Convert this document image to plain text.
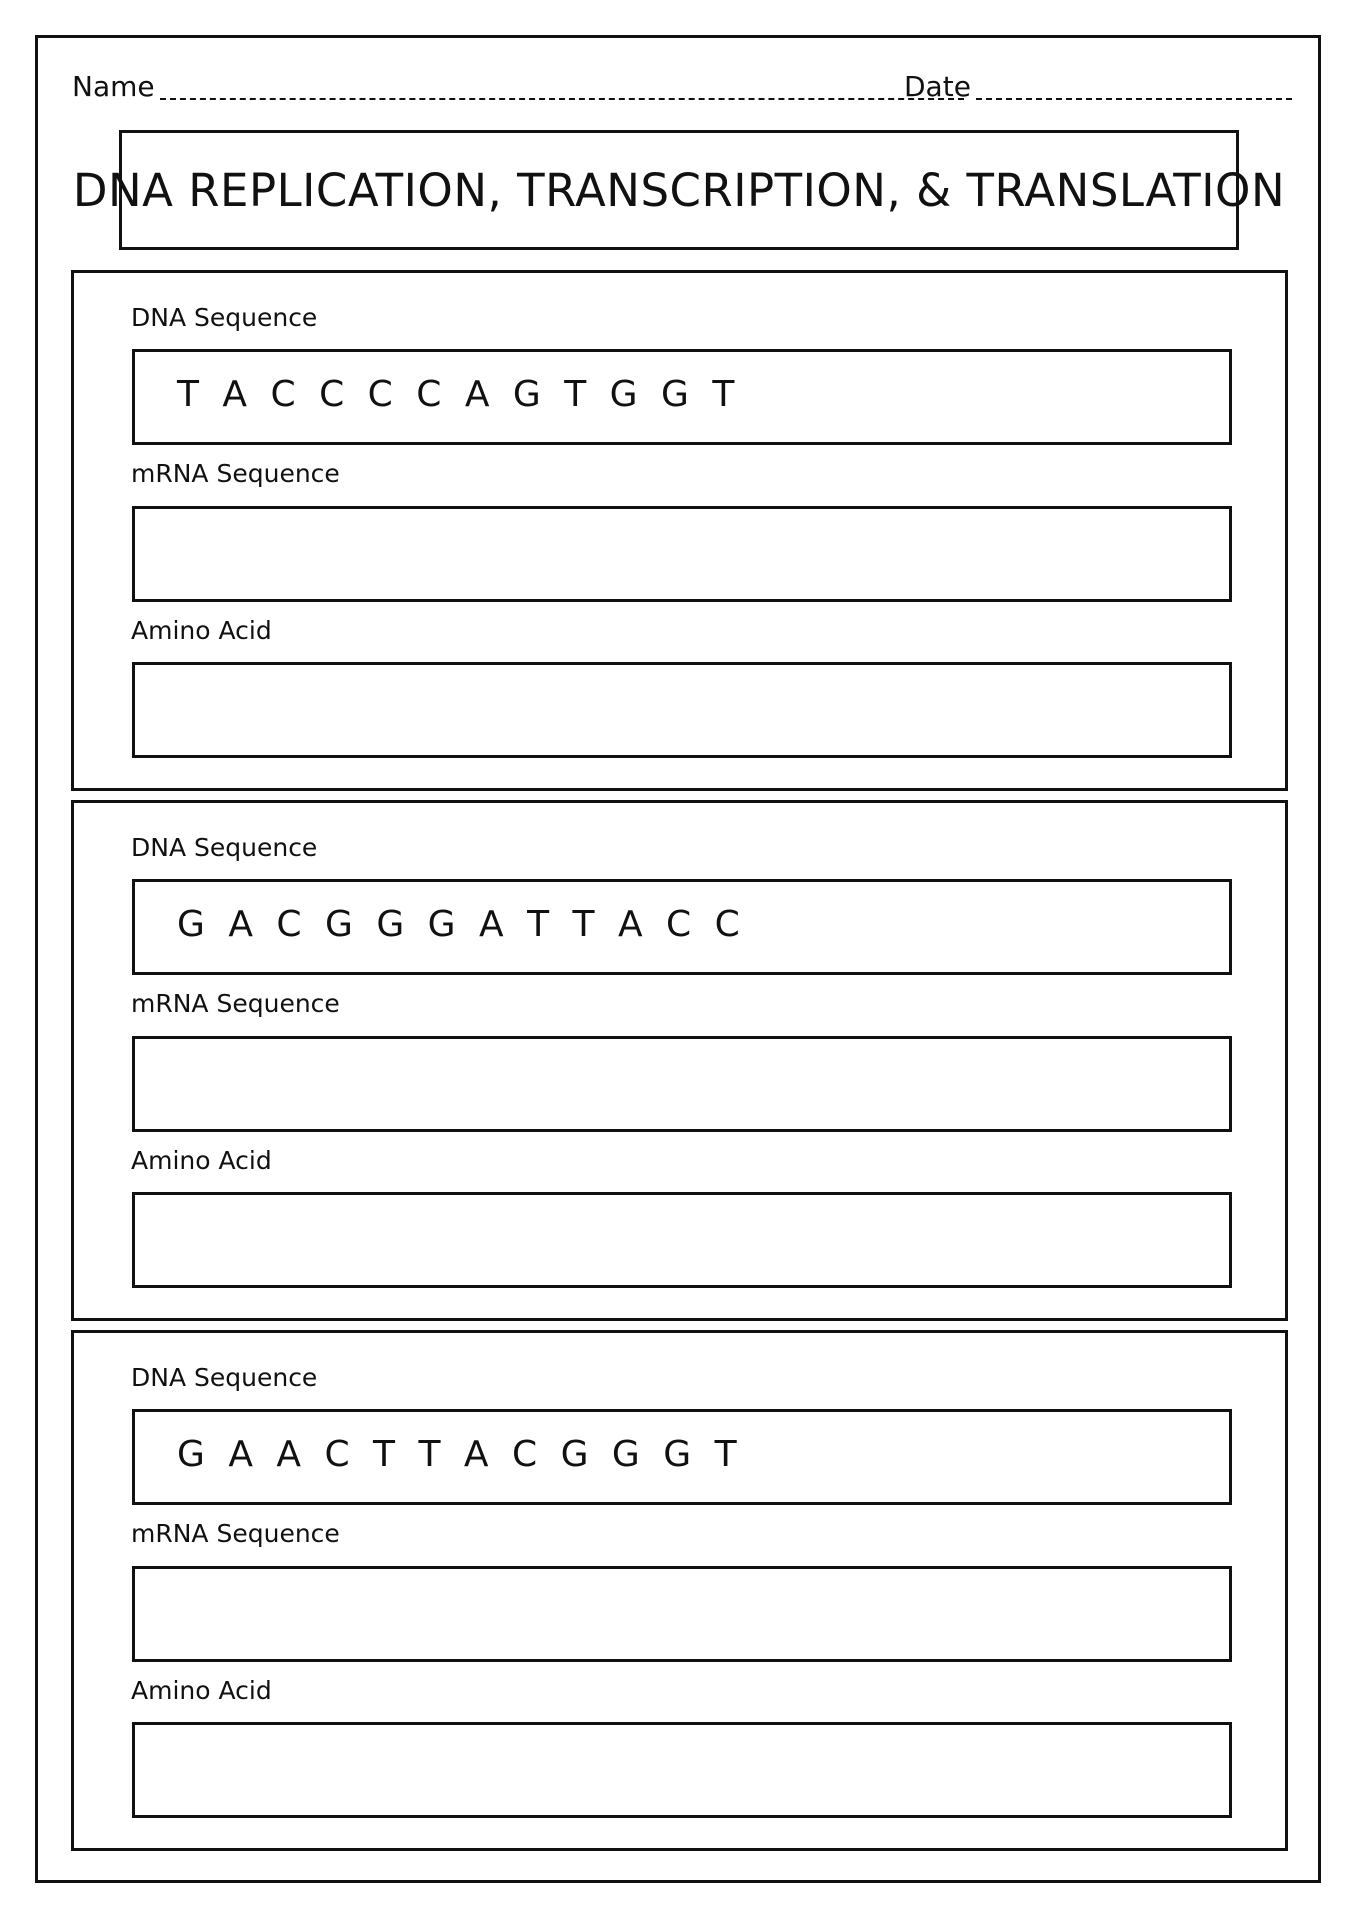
Name	Date
DNA REPLICATION, TRANSCRIPTION, & TRANSLATION
DNA Sequence
T A C C C C A G T G G T
mRNA Sequence
Amino Acid
DNA Sequence
G A C G G G A T T A C C
mRNA Sequence
Amino Acid
DNA Sequence
G A A C T T A C G G G T
mRNA Sequence
Amino Acid
